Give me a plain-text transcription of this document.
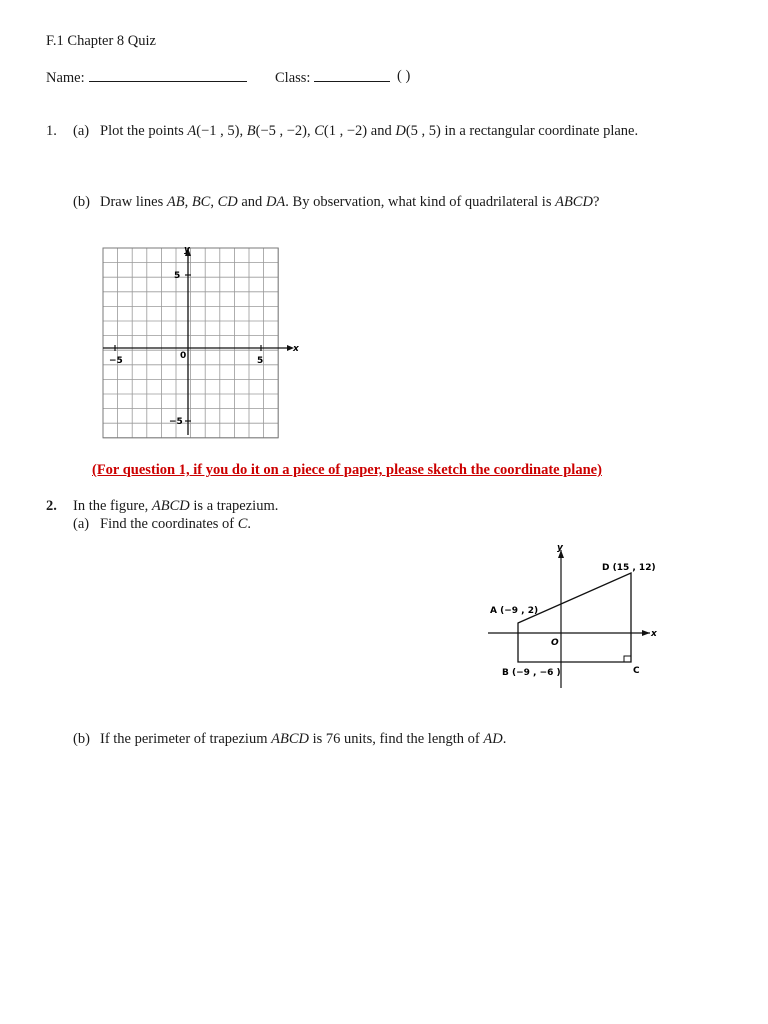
F.1 Chapter 8 Quiz
Name:	Class:	( )
1. (a) Plot the points A(−1 , 5), B(−5 , −2), C(1 , −2) and D(5 , 5) in a rectangular coordinate plane.
(b) Draw lines AB, BC, CD and DA. By observation, what kind of quadrilateral is ABCD?
x
y
−5	5
5
−5
0
(For question 1, if you do it on a piece of paper, please sketch the coordinate plane)
2. In the figure, ABCD is a trapezium.
(a) Find the coordinates of C.
y
x
O
D (15 , 12)
A (−9 , 2)
B (−9 , −6 )	C
(b) If the perimeter of trapezium ABCD is 76 units, find the length of AD.
